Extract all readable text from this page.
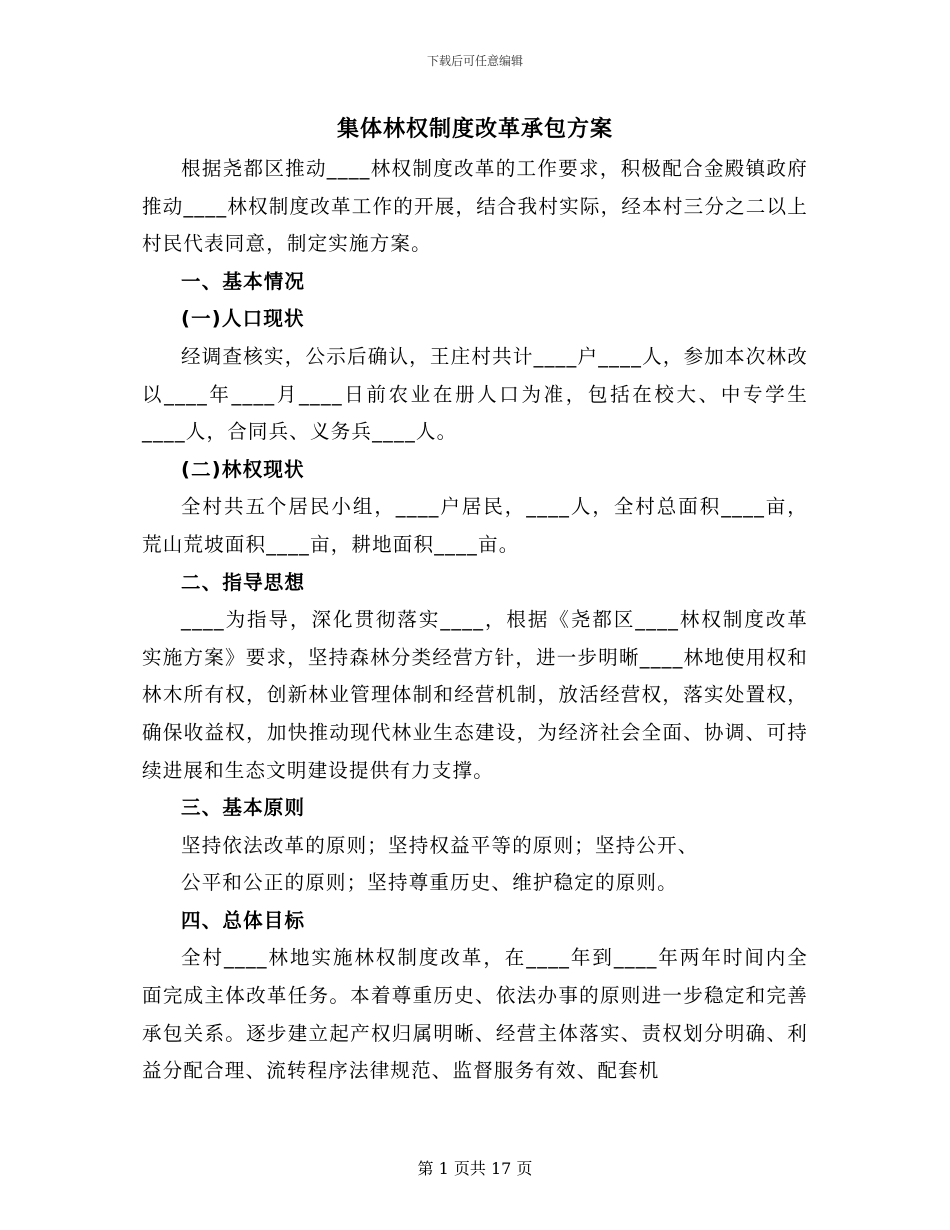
下载后可任意编辑
集体林权制度改革承包方案

根据尧都区推动____林权制度改革的工作要求，积极配合金殿镇政府推动____林权制度改革工作的开展，结合我村实际，经本村三分之二以上村民代表同意，制定实施方案。

一、基本情况

(一)人口现状

经调查核实，公示后确认，王庄村共计____户____人，参加本次林改以____年____月____日前农业在册人口为准，包括在校大、中专学生____人，合同兵、义务兵____人。

(二)林权现状

全村共五个居民小组，____户居民，____人，全村总面积____亩，荒山荒坡面积____亩，耕地面积____亩。

二、指导思想

____为指导，深化贯彻落实____，根据《尧都区____林权制度改革实施方案》要求，坚持森林分类经营方针，进一步明晰____林地使用权和林木所有权，创新林业管理体制和经营机制，放活经营权，落实处置权，确保收益权，加快推动现代林业生态建设，为经济社会全面、协调、可持续进展和生态文明建设提供有力支撑。

三、基本原则

坚持依法改革的原则；坚持权益平等的原则；坚持公开、

公平和公正的原则；坚持尊重历史、维护稳定的原则。

四、总体目标

全村____林地实施林权制度改革，在____年到____年两年时间内全面完成主体改革任务。本着尊重历史、依法办事的原则进一步稳定和完善承包关系。逐步建立起产权归属明晰、经营主体落实、责权划分明确、利益分配合理、流转程序法律规范、监督服务有效、配套机

第 1 页共 17 页
